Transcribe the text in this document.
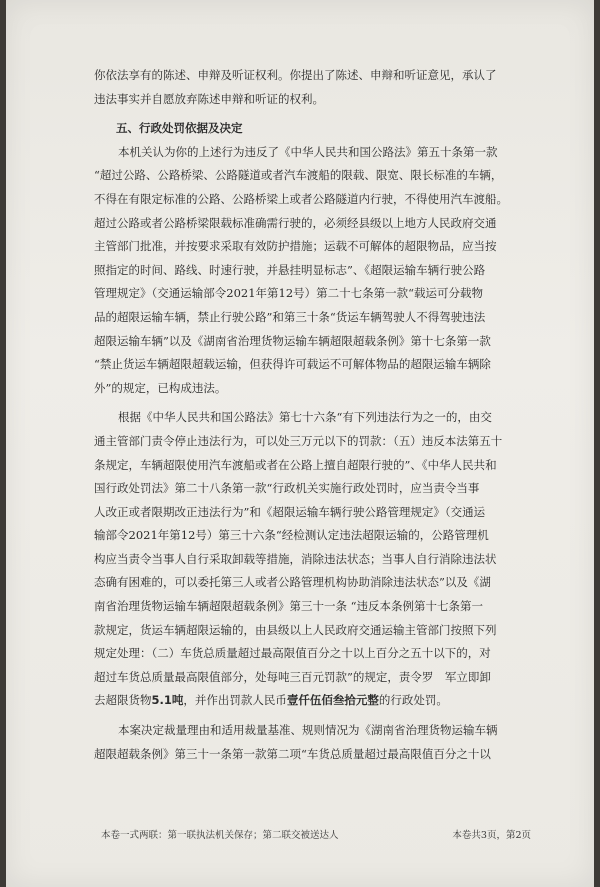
你依法享有的陈述、申辩及听证权利。你提出了陈述、申辩和听证意见，承认了
违法事实并自愿放弃陈述申辩和听证的权利。
五、行政处罚依据及决定
本机关认为你的上述行为违反了《中华人民共和国公路法》第五十条第一款
“超过公路、公路桥梁、公路隧道或者汽车渡船的限载、限宽、限长标准的车辆，
不得在有限定标准的公路、公路桥梁上或者公路隧道内行驶，不得使用汽车渡船。
超过公路或者公路桥梁限载标准确需行驶的，必须经县级以上地方人民政府交通
主管部门批准，并按要求采取有效防护措施；运载不可解体的超限物品，应当按
照指定的时间、路线、时速行驶，并悬挂明显标志”、《超限运输车辆行驶公路
管理规定》（交通运输部令2021年第12号）第二十七条第一款“载运可分载物
品的超限运输车辆，禁止行驶公路”和第三十条“货运车辆驾驶人不得驾驶违法
超限运输车辆”以及《湖南省治理货物运输车辆超限超载条例》第十七条第一款
“禁止货运车辆超限超载运输，但获得许可载运不可解体物品的超限运输车辆除
外”的规定，已构成违法。
根据《中华人民共和国公路法》第七十六条“有下列违法行为之一的，由交
通主管部门责令停止违法行为，可以处三万元以下的罚款：（五）违反本法第五十
条规定，车辆超限使用汽车渡船或者在公路上擅自超限行驶的”、《中华人民共和
国行政处罚法》第二十八条第一款“行政机关实施行政处罚时，应当责令当事
人改正或者限期改正违法行为”和《超限运输车辆行驶公路管理规定》（交通运
输部令2021年第12号）第三十六条“经检测认定违法超限运输的，公路管理机
构应当责令当事人自行采取卸载等措施，消除违法状态；当事人自行消除违法状
态确有困难的，可以委托第三人或者公路管理机构协助消除违法状态”以及《湖
南省治理货物运输车辆超限超载条例》第三十一条 “违反本条例第十七条第一
款规定，货运车辆超限运输的，由县级以上人民政府交通运输主管部门按照下列
规定处理：（二）车货总质量超过最高限值百分之十以上百分之五十以下的，对
超过车货总质量最高限值部分，处每吨三百元罚款”的规定，责令罗　军立即卸
去超限货物5.1吨，并作出罚款人民币壹仟伍佰叁拾元整的行政处罚。
本案决定裁量理由和适用裁量基准、规则情况为《湖南省治理货物运输车辆
超限超载条例》第三十一条第一款第二项“车货总质量超过最高限值百分之十以
本卷一式两联：第一联执法机关保存；第二联交被送达人	本卷共3页，第2页
